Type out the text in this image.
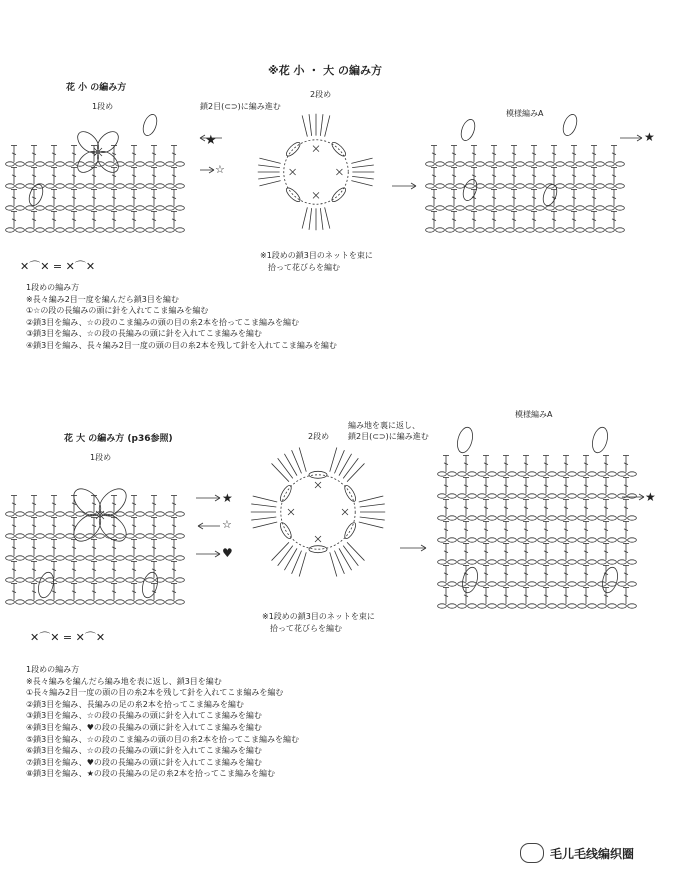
※花 小 ・ 大 の編み方
花 小 の編み方
1段め
2段め
鎖2目(⊂⊃)に編み進む
模様編みA
※1段めの鎖3目のネットを束に
拾って花びらを編む
✕⌒✕ = ✕⌒✕
★
☆
★
1段めの編み方
※長々編み2目一度を編んだら鎖3目を編む
①☆の段の長編みの頭に針を入れてこま編みを編む
②鎖3目を編み、☆の段のこま編みの頭の目の糸2本を拾ってこま編みを編む
③鎖3目を編み、☆の段の長編みの頭に針を入れてこま編みを編む
④鎖3目を編み、長々編み2目一度の頭の目の糸2本を残して針を入れてこま編みを編む
花 大 の編み方 (p36参照)
1段め
2段め
編み地を裏に返し、
鎖2目(⊂⊃)に編み進む
模様編みA
※1段めの鎖3目のネットを束に
拾って花びらを編む
✕⌒✕ = ✕⌒✕
★
☆
♥
★
1段めの編み方
※長々編みを編んだら編み地を表に返し、鎖3目を編む
①長々編み2目一度の頭の目の糸2本を残して針を入れてこま編みを編む
②鎖3目を編み、長編みの足の糸2本を拾ってこま編みを編む
③鎖3目を編み、☆の段の長編みの頭に針を入れてこま編みを編む
④鎖3目を編み、♥の段の長編みの頭に針を入れてこま編みを編む
⑤鎖3目を編み、☆の段のこま編みの頭の目の糸2本を拾ってこま編みを編む
⑥鎖3目を編み、☆の段の長編みの頭に針を入れてこま編みを編む
⑦鎖3目を編み、♥の段の長編みの頭に針を入れてこま編みを編む
⑧鎖3目を編み、★の段の長編みの足の糸2本を拾ってこま編みを編む
毛儿毛线编织圈
